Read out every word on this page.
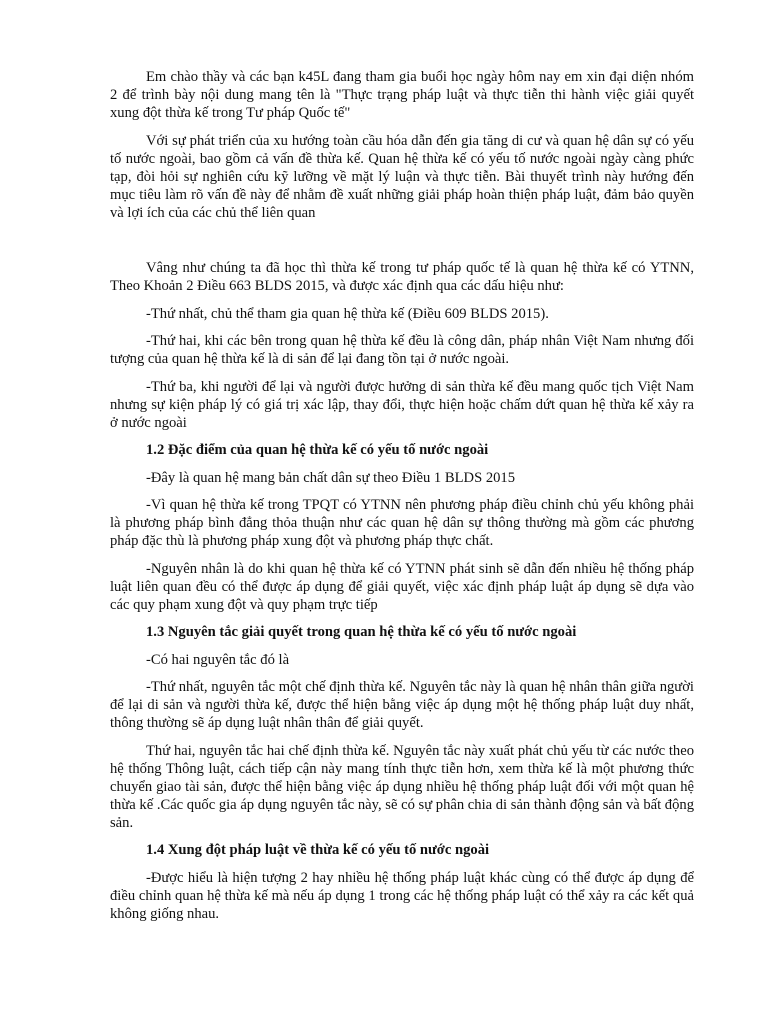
Em chào thầy và các bạn k45L đang tham gia buổi học ngày hôm nay em xin đại diện nhóm 2 để trình bày nội dung mang tên là "Thực trạng pháp luật và thực tiễn thi hành việc giải quyết xung đột thừa kế trong Tư pháp Quốc tế"

Với sự phát triển của xu hướng toàn cầu hóa dẫn đến gia tăng di cư và quan hệ dân sự có yếu tố nước ngoài, bao gồm cả vấn đề thừa kế. Quan hệ thừa kế có yếu tố nước ngoài ngày càng phức tạp, đòi hỏi sự nghiên cứu kỹ lưỡng về mặt lý luận và thực tiễn. Bài thuyết trình này hướng đến mục tiêu làm rõ vấn đề này để nhằm đề xuất những giải pháp hoàn thiện pháp luật, đảm bảo quyền và lợi ích của các chủ thể liên quan

Vâng như chúng ta đã học thì thừa kế trong tư pháp quốc tế là quan hệ thừa kế có YTNN, Theo Khoản 2 Điều 663 BLDS 2015, và được xác định qua các dấu hiệu như:

-Thứ nhất, chủ thể tham gia quan hệ thừa kế (Điều 609 BLDS 2015).

-Thứ hai, khi các bên trong quan hệ thừa kế đều là công dân, pháp nhân Việt Nam nhưng đối tượng của quan hệ thừa kế là di sản để lại đang tồn tại ở nước ngoài.

-Thứ ba, khi người để lại và người được hưởng di sản thừa kế đều mang quốc tịch Việt Nam nhưng sự kiện pháp lý có giá trị xác lập, thay đổi, thực hiện hoặc chấm dứt quan hệ thừa kế xảy ra ở nước ngoài

1.2 Đặc điểm của quan hệ thừa kế có yếu tố nước ngoài

-Đây là quan hệ mang bản chất dân sự theo Điều 1 BLDS 2015

-Vì quan hệ thừa kế trong TPQT có YTNN nên phương pháp điều chỉnh chủ yếu không phải là phương pháp bình đẳng thỏa thuận như các quan hệ dân sự thông thường mà gồm các phương pháp đặc thù là phương pháp xung đột và phương pháp thực chất.

-Nguyên nhân là do khi quan hệ thừa kế có YTNN phát sinh sẽ dẫn đến nhiều hệ thống pháp luật liên quan đều có thể được áp dụng để giải quyết, việc xác định pháp luật áp dụng sẽ dựa vào các quy phạm xung đột và quy phạm trực tiếp

1.3 Nguyên tắc giải quyết trong quan hệ thừa kế có yếu tố nước ngoài

-Có hai nguyên tắc đó là

-Thứ nhất, nguyên tắc một chế định thừa kế. Nguyên tắc này là quan hệ nhân thân giữa người để lại di sản và người thừa kế, được thể hiện bằng việc áp dụng một hệ thống pháp luật duy nhất, thông thường sẽ áp dụng luật nhân thân để giải quyết.

Thứ hai, nguyên tắc hai chế định thừa kế. Nguyên tắc này xuất phát chủ yếu từ các nước theo hệ thống Thông luật, cách tiếp cận này mang tính thực tiễn hơn, xem thừa kế là một phương thức chuyển giao tài sản, được thể hiện bằng việc áp dụng nhiều hệ thống pháp luật đối với một quan hệ thừa kế .Các quốc gia áp dụng nguyên tắc này, sẽ có sự phân chia di sản thành động sản và bất động sản.

1.4 Xung đột pháp luật về thừa kế có yếu tố nước ngoài

-Được hiểu là hiện tượng 2 hay nhiều hệ thống pháp luật khác cùng có thể được áp dụng để điều chỉnh quan hệ thừa kế mà nếu áp dụng 1 trong các hệ thống pháp luật có thể xảy ra các kết quả không giống nhau.
